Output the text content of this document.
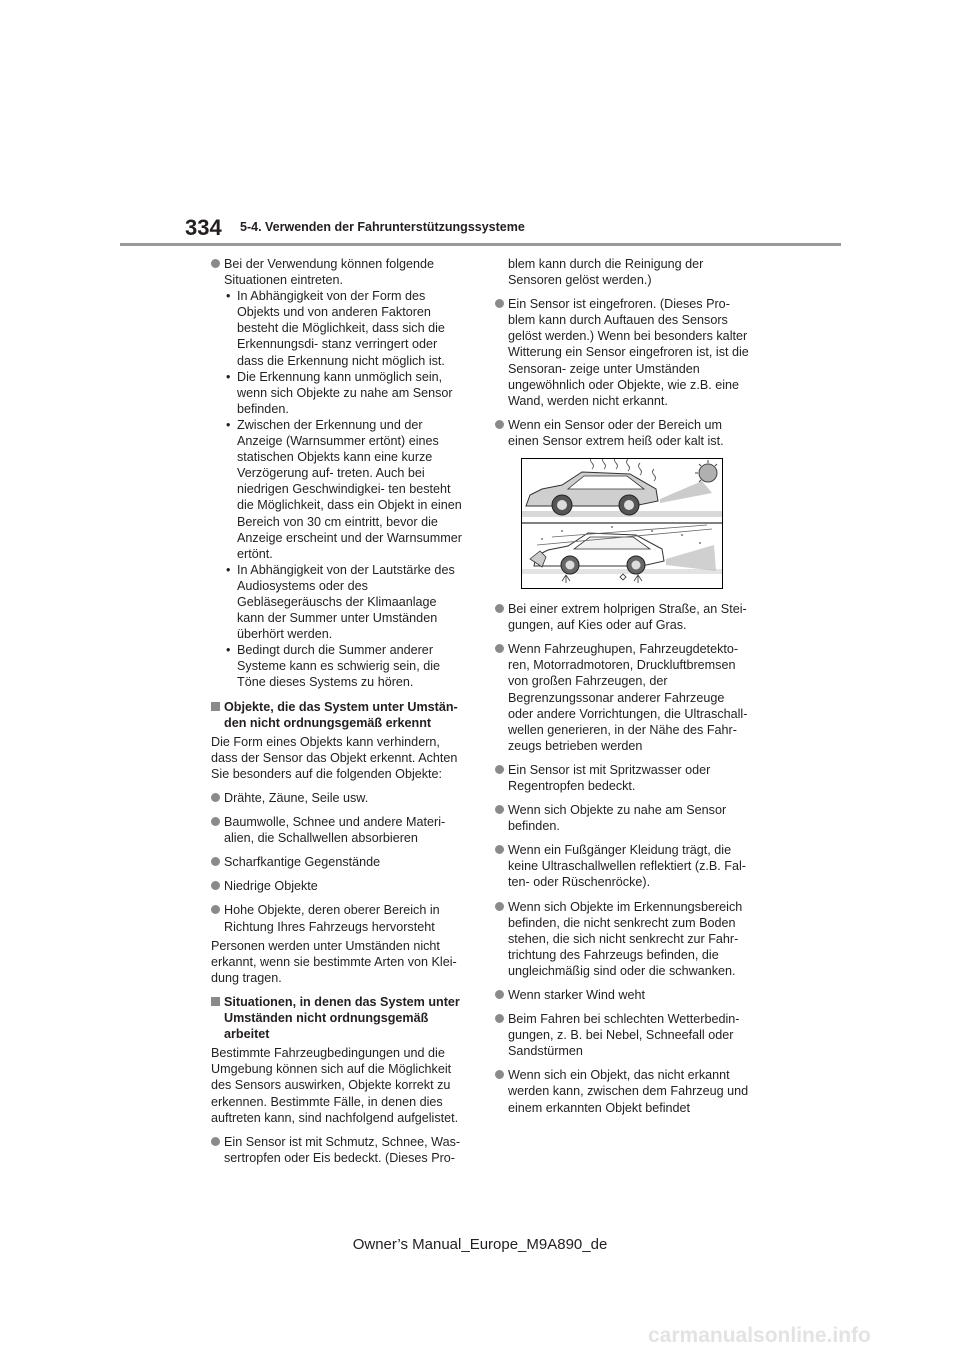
334 5-4. Verwenden der Fahrunterstützungssysteme
Bei der Verwendung können folgende Situationen eintreten.
• In Abhängigkeit von der Form des Objekts und von anderen Faktoren besteht die Möglichkeit, dass sich die Erkennungsdi- stanz verringert oder dass die Erkennung nicht möglich ist.
• Die Erkennung kann unmöglich sein, wenn sich Objekte zu nahe am Sensor befinden.
• Zwischen der Erkennung und der Anzeige (Warnsummer ertönt) eines statischen Objekts kann eine kurze Verzögerung auf- treten. Auch bei niedrigen Geschwindigkei- ten besteht die Möglichkeit, dass ein Objekt in einen Bereich von 30 cm eintritt, bevor die Anzeige erscheint und der Warnsummer ertönt.
• In Abhängigkeit von der Lautstärke des Audiosystems oder des Gebläsegeräuschs der Klimaanlage kann der Summer unter Umständen überhört werden.
• Bedingt durch die Summer anderer Systeme kann es schwierig sein, die Töne dieses Systems zu hören.
Objekte, die das System unter Umstän- den nicht ordnungsgemäß erkennt
Die Form eines Objekts kann verhindern, dass der Sensor das Objekt erkennt. Achten Sie besonders auf die folgenden Objekte:
Drähte, Zäune, Seile usw.
Baumwolle, Schnee und andere Materi- alien, die Schallwellen absorbieren
Scharfkantige Gegenstände
Niedrige Objekte
Hohe Objekte, deren oberer Bereich in Richtung Ihres Fahrzeugs hervorsteht
Personen werden unter Umständen nicht erkannt, wenn sie bestimmte Arten von Klei- dung tragen.
Situationen, in denen das System unter Umständen nicht ordnungsgemäß arbeitet
Bestimmte Fahrzeugbedingungen und die Umgebung können sich auf die Möglichkeit des Sensors auswirken, Objekte korrekt zu erkennen. Bestimmte Fälle, in denen dies auftreten kann, sind nachfolgend aufgelistet.
Ein Sensor ist mit Schmutz, Schnee, Was- sertropfen oder Eis bedeckt. (Dieses Pro-
blem kann durch die Reinigung der Sensoren gelöst werden.)
Ein Sensor ist eingefroren. (Dieses Pro- blem kann durch Auftauen des Sensors gelöst werden.) Wenn bei besonders kalter Witterung ein Sensor eingefroren ist, ist die Sensoran- zeige unter Umständen ungewöhnlich oder Objekte, wie z.B. eine Wand, werden nicht erkannt.
Wenn ein Sensor oder der Bereich um einen Sensor extrem heiß oder kalt ist.
Bei einer extrem holprigen Straße, an Stei- gungen, auf Kies oder auf Gras.
Wenn Fahrzeughupen, Fahrzeugdetekto- ren, Motorradmotoren, Druckluftbremsen von großen Fahrzeugen, der Begrenzungssonar anderer Fahrzeuge oder andere Vorrichtungen, die Ultraschall- wellen generieren, in der Nähe des Fahr- zeugs betrieben werden
Ein Sensor ist mit Spritzwasser oder Regentropfen bedeckt.
Wenn sich Objekte zu nahe am Sensor befinden.
Wenn ein Fußgänger Kleidung trägt, die keine Ultraschallwellen reflektiert (z.B. Fal- ten- oder Rüschenröcke).
Wenn sich Objekte im Erkennungsbereich befinden, die nicht senkrecht zum Boden stehen, die sich nicht senkrecht zur Fahr- trichtung des Fahrzeugs befinden, die ungleichmäßig sind oder die schwanken.
Wenn starker Wind weht
Beim Fahren bei schlechten Wetterbedin- gungen, z. B. bei Nebel, Schneefall oder Sandstürmen
Wenn sich ein Objekt, das nicht erkannt werden kann, zwischen dem Fahrzeug und einem erkannten Objekt befindet
Owner’s Manual_Europe_M9A890_de
carmanualsonline.info
